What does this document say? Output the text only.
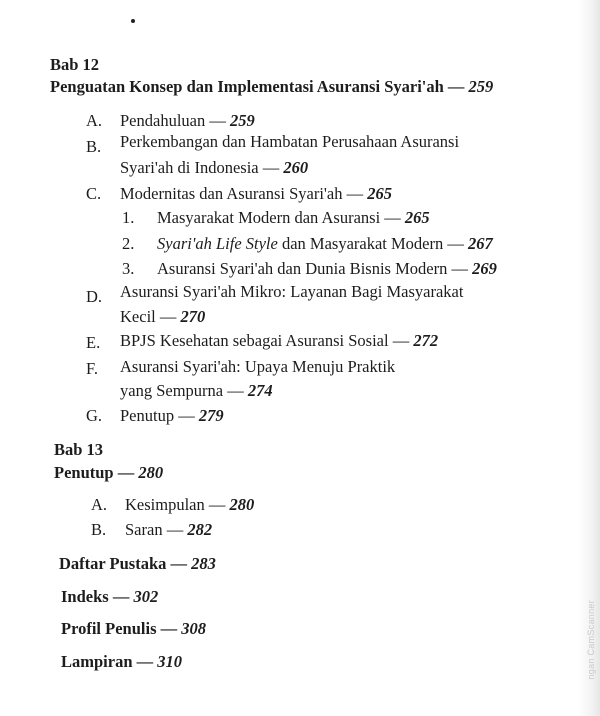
Bab 12
Penguatan Konsep dan Implementasi Asuransi Syari'ah — 259
A. Pendahuluan — 259
B. Perkembangan dan Hambatan Perusahaan Asuransi
Syari'ah di Indonesia — 260
C. Modernitas dan Asuransi Syari'ah — 265
1. Masyarakat Modern dan Asuransi — 265
2. Syari'ah Life Style dan Masyarakat Modern — 267
3. Asuransi Syari'ah dan Dunia Bisnis Modern — 269
D. Asuransi Syari'ah Mikro: Layanan Bagi Masyarakat
Kecil — 270
E. BPJS Kesehatan sebagai Asuransi Sosial — 272
F. Asuransi Syari'ah: Upaya Menuju Praktik
yang Sempurna — 274
G. Penutup — 279
Bab 13
Penutup — 280
A. Kesimpulan — 280
B. Saran — 282
Daftar Pustaka — 283
Indeks — 302
Profil Penulis — 308
Lampiran — 310	ngan CamScanner
